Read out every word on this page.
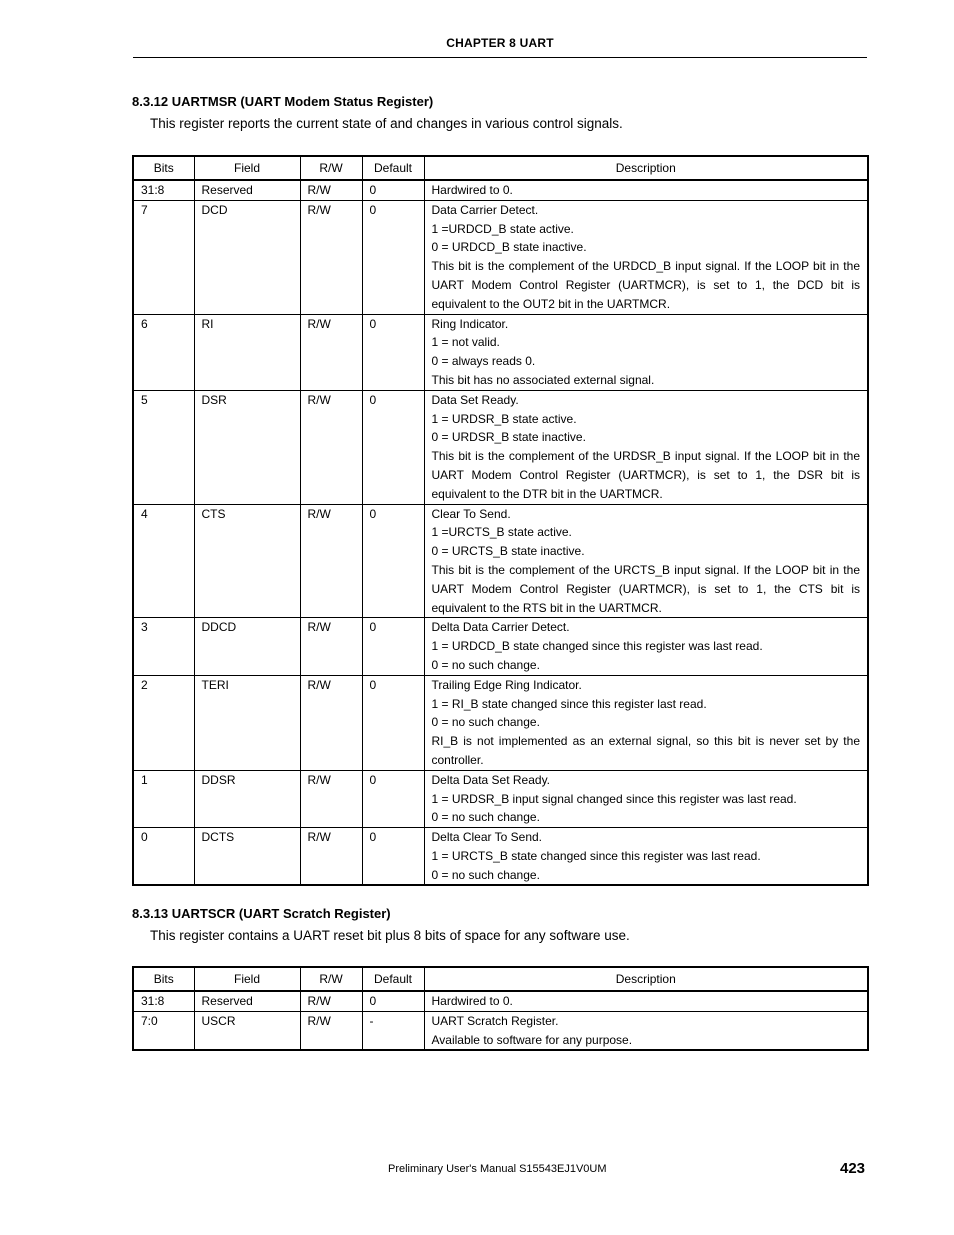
CHAPTER 8 UART
8.3.12 UARTMSR (UART Modem Status Register)
This register reports the current state of and changes in various control signals.
Bits	Field	R/W	Default	Description
31:8	Reserved	R/W	0	Hardwired to 0.

7	DCD	R/W	0	Data Carrier Detect.
1 =URDCD_B state active.
0 = URDCD_B state inactive.
This bit is the complement of the URDCD_B input signal. If the LOOP bit in the UART Modem Control Register (UARTMCR), is set to 1, the DCD bit is equivalent to the OUT2 bit in the UARTMCR.

6	RI	R/W	0	Ring Indicator.
1 = not valid.
0 = always reads 0.
This bit has no associated external signal.

5	DSR	R/W	0	Data Set Ready.
1 = URDSR_B state active.
0 = URDSR_B state inactive.
This bit is the complement of the URDSR_B input signal. If the LOOP bit in the UART Modem Control Register (UARTMCR), is set to 1, the DSR bit is equivalent to the DTR bit in the UARTMCR.

4	CTS	R/W	0	Clear To Send.
1 =URCTS_B state active.
0 = URCTS_B state inactive.
This bit is the complement of the URCTS_B input signal. If the LOOP bit in the UART Modem Control Register (UARTMCR), is set to 1, the CTS bit is equivalent to the RTS bit in the UARTMCR.

3	DDCD	R/W	0	Delta Data Carrier Detect.
1 = URDCD_B state changed since this register was last read.
0 = no such change.

2	TERI	R/W	0	Trailing Edge Ring Indicator.
1 = RI_B state changed since this register last read.
0 = no such change.
RI_B is not implemented as an external signal, so this bit is never set by the controller.

1	DDSR	R/W	0	Delta Data Set Ready.
1 = URDSR_B input signal changed since this register was last read.
0 = no such change.

0	DCTS	R/W	0	Delta Clear To Send.
1 = URCTS_B state changed since this register was last read.
0 = no such change.
8.3.13 UARTSCR (UART Scratch Register)
This register contains a UART reset bit plus 8 bits of space for any software use.
Bits	Field	R/W	Default	Description
31:8	Reserved	R/W	0	Hardwired to 0.

7:0	USCR	R/W	-	UART Scratch Register.
Available to software for any purpose.
Preliminary User's Manual S15543EJ1V0UM	423
